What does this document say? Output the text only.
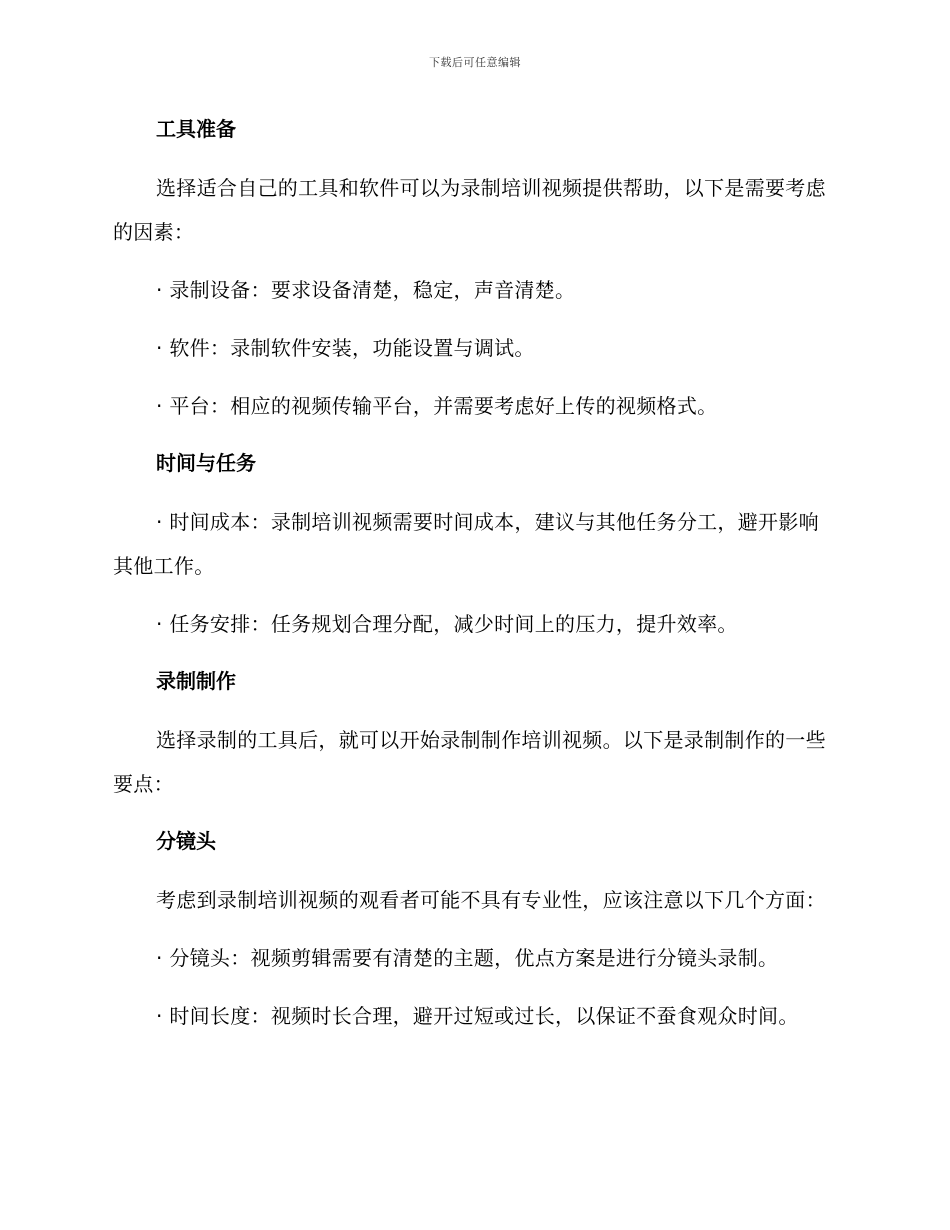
下载后可任意编辑
工具准备
选择适合自己的工具和软件可以为录制培训视频提供帮助，以下是需要考虑的因素：
· 录制设备：要求设备清楚，稳定，声音清楚。
· 软件：录制软件安装，功能设置与调试。
· 平台：相应的视频传输平台，并需要考虑好上传的视频格式。
时间与任务
· 时间成本：录制培训视频需要时间成本，建议与其他任务分工，避开影响其他工作。
· 任务安排：任务规划合理分配，减少时间上的压力，提升效率。
录制制作
选择录制的工具后，就可以开始录制制作培训视频。以下是录制制作的一些要点：
分镜头
考虑到录制培训视频的观看者可能不具有专业性，应该注意以下几个方面：
· 分镜头：视频剪辑需要有清楚的主题，优点方案是进行分镜头录制。
· 时间长度：视频时长合理，避开过短或过长，以保证不蚕食观众时间。
